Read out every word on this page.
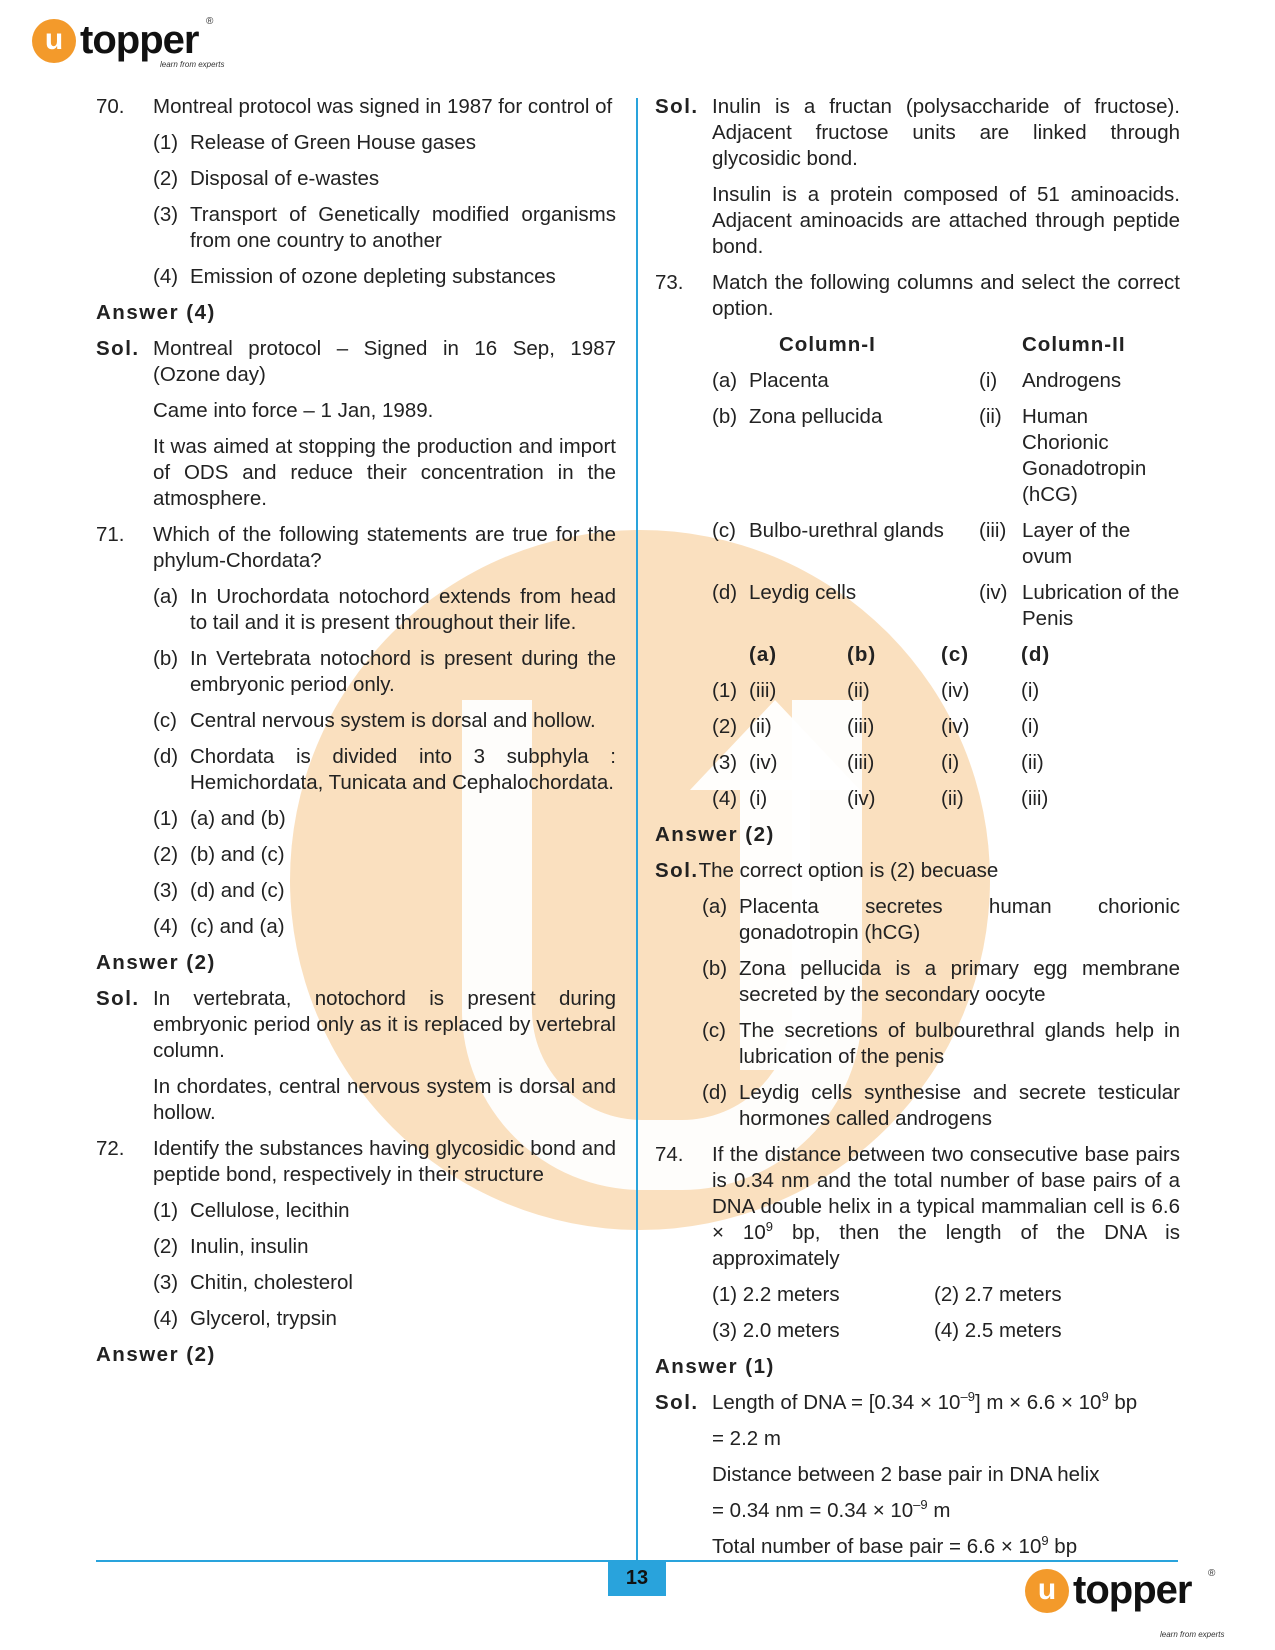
u topper ®
learn from experts
70.	Montreal protocol was signed in 1987 for control of
(1) Release of Green House gases
(2) Disposal of e-wastes
(3) Transport of Genetically modified organisms from one country to another
(4) Emission of ozone depleting substances
Answer (4)
Sol. Montreal protocol – Signed in 16 Sep, 1987 (Ozone day)
Came into force – 1 Jan, 1989.
It was aimed at stopping the production and import of ODS and reduce their concentration in the atmosphere.
71.	Which of the following statements are true for the phylum-Chordata?
(a) In Urochordata notochord extends from head to tail and it is present throughout their life.
(b) In Vertebrata notochord is present during the embryonic period only.
(c) Central nervous system is dorsal and hollow.
(d) Chordata is divided into 3 subphyla : Hemichordata, Tunicata and Cephalochordata.
(1) (a) and (b)
(2) (b) and (c)
(3) (d) and (c)
(4) (c) and (a)
Answer (2)
Sol. In vertebrata, notochord is present during embryonic period only as it is replaced by vertebral column.
In chordates, central nervous system is dorsal and hollow.
72.	Identify the substances having glycosidic bond and peptide bond, respectively in their structure
(1) Cellulose, lecithin
(2) Inulin, insulin
(3) Chitin, cholesterol
(4) Glycerol, trypsin
Answer (2)
Sol. Inulin is a fructan (polysaccharide of fructose). Adjacent fructose units are linked through glycosidic bond.
Insulin is a protein composed of 51 aminoacids. Adjacent aminoacids are attached through peptide bond.
73.	Match the following columns and select the correct option.
	Column-I		Column-II
(a)	Placenta	(i)	Androgens
(b)	Zona pellucida	(ii)	Human Chorionic Gonadotropin (hCG)
(c)	Bulbo-urethral glands	(iii)	Layer of the ovum
(d)	Leydig cells	(iv)	Lubrication of the Penis
(a)	(b)	(c)	(d)
(1) (iii)	(ii)	(iv)	(i)
(2) (ii)	(iii)	(iv)	(i)
(3) (iv)	(iii)	(i)	(ii)
(4) (i)	(iv)	(ii)	(iii)
Answer (2)
Sol. The correct option is (2) becuase
(a) Placenta secretes human chorionic gonadotropin (hCG)
(b) Zona pellucida is a primary egg membrane secreted by the secondary oocyte
(c) The secretions of bulbourethral glands help in lubrication of the penis
(d) Leydig cells synthesise and secrete testicular hormones called androgens
74.	If the distance between two consecutive base pairs is 0.34 nm and the total number of base pairs of a DNA double helix in a typical mammalian cell is $6.6 \times 10^9$ bp, then the length of the DNA is approximately
(1) 2.2 meters	(2) 2.7 meters
(3) 2.0 meters	(4) 2.5 meters
Answer (1)
Sol. Length of DNA = $[0.34 \times 10^{-9}]$ $m \times 6.6 \times 10^9$ bp
= 2.2 m
Distance between 2 base pair in DNA helix
= 0.34 nm = $0.34 \times 10^{-9}$ m
Total number of base pair = $6.6 \times 10^9$ bp
13	u topper ®
learn from experts
